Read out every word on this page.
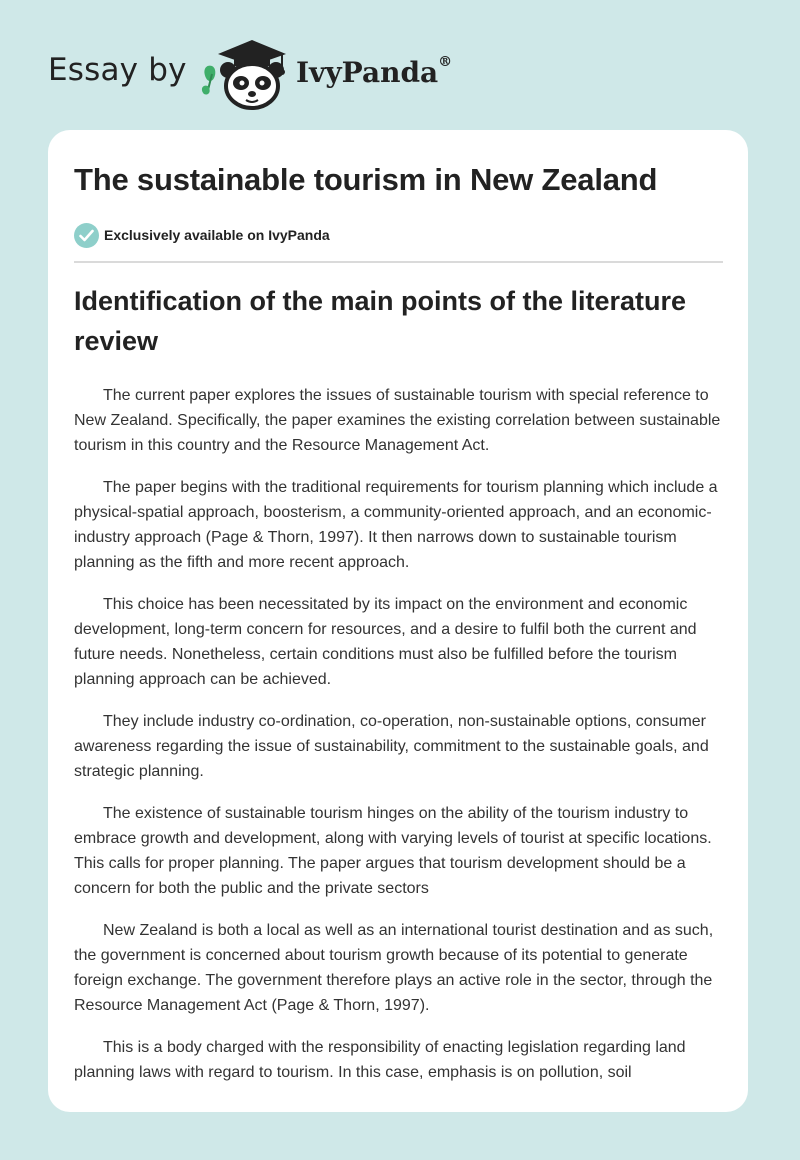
Essay by	IvyPanda®
The sustainable tourism in New Zealand
Exclusively available on IvyPanda
Identification of the main points of the literature review

The current paper explores the issues of sustainable tourism with special reference to New Zealand. Specifically, the paper examines the existing correlation between sustainable tourism in this country and the Resource Management Act.

The paper begins with the traditional requirements for tourism planning which include a physical-spatial approach, boosterism, a community-oriented approach, and an economic-industry approach (Page & Thorn, 1997). It then narrows down to sustainable tourism planning as the fifth and more recent approach.

This choice has been necessitated by its impact on the environment and economic development, long-term concern for resources, and a desire to fulfil both the current and future needs. Nonetheless, certain conditions must also be fulfilled before the tourism planning approach can be achieved.

They include industry co-ordination, co-operation, non-sustainable options, consumer awareness regarding the issue of sustainability, commitment to the sustainable goals, and strategic planning.

The existence of sustainable tourism hinges on the ability of the tourism industry to embrace growth and development, along with varying levels of tourist at specific locations. This calls for proper planning. The paper argues that tourism development should be a concern for both the public and the private sectors

New Zealand is both a local as well as an international tourist destination and as such, the government is concerned about tourism growth because of its potential to generate foreign exchange. The government therefore plays an active role in the sector, through the Resource Management Act (Page & Thorn, 1997).

This is a body charged with the responsibility of enacting legislation regarding land planning laws with regard to tourism. In this case, emphasis is on pollution, soil
